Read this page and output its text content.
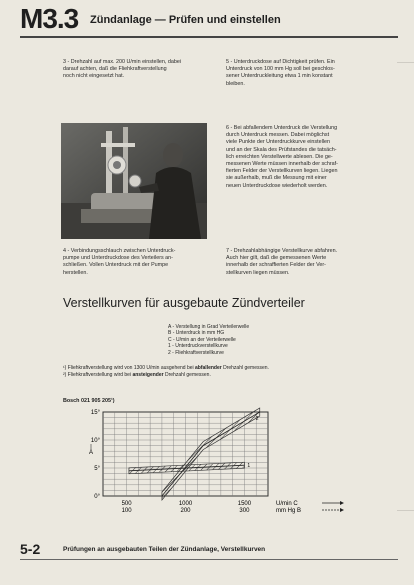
M3.3 Zündanlage — Prüfen und einstellen
3 - Drehzahl auf max. 200 U/min einstellen, dabei
darauf achten, daß die Fliehkraftverstellung
noch nicht eingesetzt hat.
5 - Unterdruckdose auf Dichtigkeit prüfen. Ein
Unterdruck von 100 mm Hg soll bei geschlos-
sener Unterdruckleitung etwa 1 min konstant
bleiben.
6 - Bei abfallendem Unterdruck die Verstellung
durch Unterdruck messen. Dabei möglichst
viele Punkte der Unterdruckkurve einstellen
und an der Skala des Prüfstandes die tatsäch-
lich erreichten Verstellwerte ablesen. Die ge-
messenen Werte müssen innerhalb der schraf-
fierten Felder der Verstellkurven liegen. Liegen
sie außerhalb, muß die Messung mit einer
neuen Unterdruckdose wiederholt werden.
4 - Verbindungsschlauch zwischen Unterdruck-
pumpe und Unterdruckdose des Verteilers an-
schließen. Vollen Unterdruck mit der Pumpe
herstellen.
7 - Drehzahlabhängige Verstellkurve abfahren.
Auch hier gilt, daß die gemessenen Werte
innerhalb der schraffierten Felder der Ver-
stellkurven liegen müssen.
Verstellkurven für ausgebaute Zündverteiler
A - Verstellung in Grad Verteilerwelle
B - Unterdruck in mm HG
C - U/min an der Verteilerwelle
1 - Unterdruckverstellkurve
2 - Fliehkraftverstellkurve
¹) Fliehkraftverstellung wird von 1300 U/min ausgehend bei abfallender Drehzahl gemessen.
²) Fliehkraftverstellung wird bei ansteigender Drehzahl gemessen.
Bosch 021 905 205¹)
15°
10°
5°
0°
A
1
2
500	1000	1500
100	200	300
U/min C
mm Hg B
5-2	Prüfungen an ausgebauten Teilen der Zündanlage, Verstellkurven
